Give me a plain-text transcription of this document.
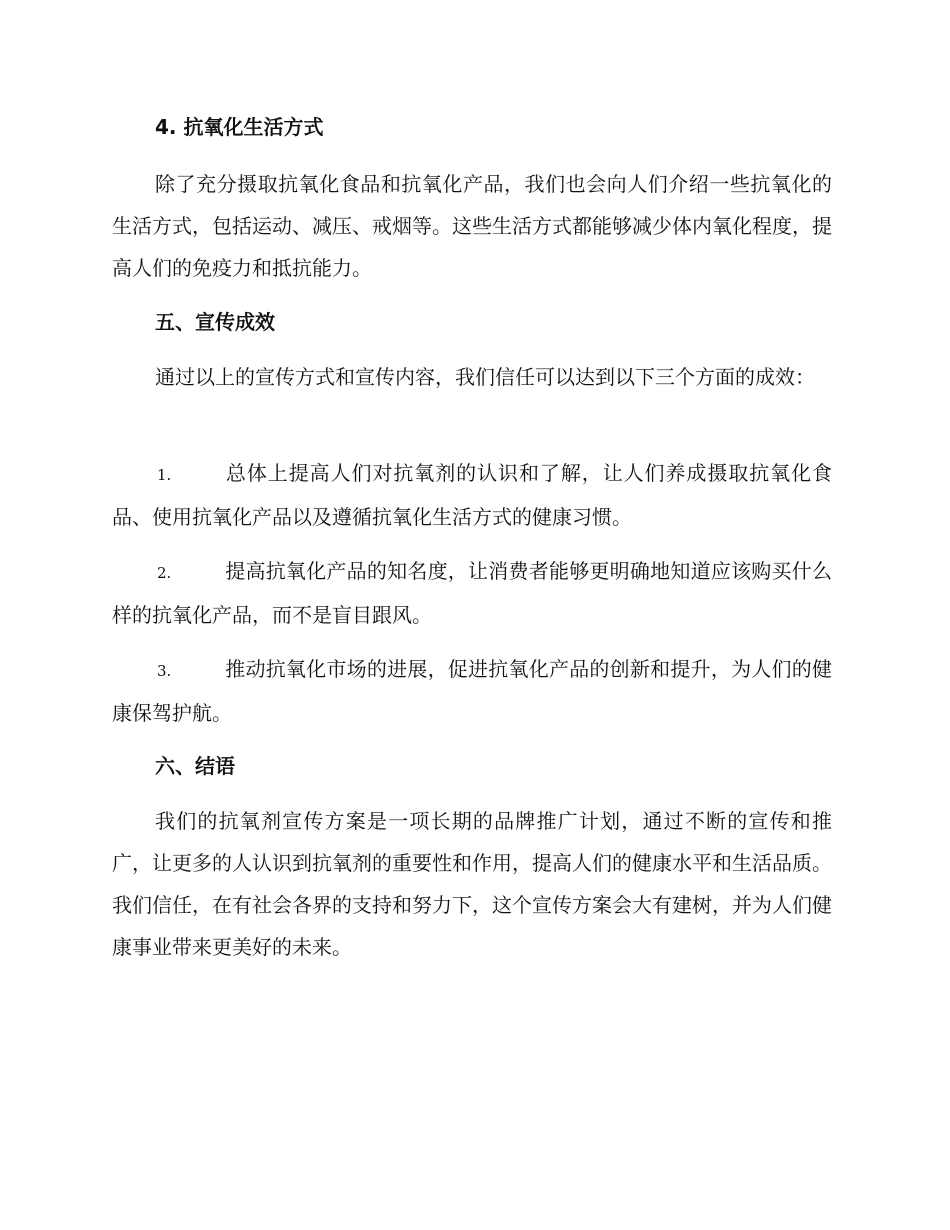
4. 抗氧化生活方式

除了充分摄取抗氧化食品和抗氧化产品，我们也会向人们介绍一些抗氧化的生活方式，包括运动、减压、戒烟等。这些生活方式都能够减少体内氧化程度，提高人们的免疫力和抵抗能力。

五、宣传成效

通过以上的宣传方式和宣传内容，我们信任可以达到以下三个方面的成效：

1.	总体上提高人们对抗氧剂的认识和了解，让人们养成摄取抗氧化食品、使用抗氧化产品以及遵循抗氧化生活方式的健康习惯。

2.	提高抗氧化产品的知名度，让消费者能够更明确地知道应该购买什么样的抗氧化产品，而不是盲目跟风。

3.	推动抗氧化市场的进展，促进抗氧化产品的创新和提升，为人们的健康保驾护航。

六、结语

我们的抗氧剂宣传方案是一项长期的品牌推广计划，通过不断的宣传和推广，让更多的人认识到抗氧剂的重要性和作用，提高人们的健康水平和生活品质。我们信任，在有社会各界的支持和努力下，这个宣传方案会大有建树，并为人们健康事业带来更美好的未来。
